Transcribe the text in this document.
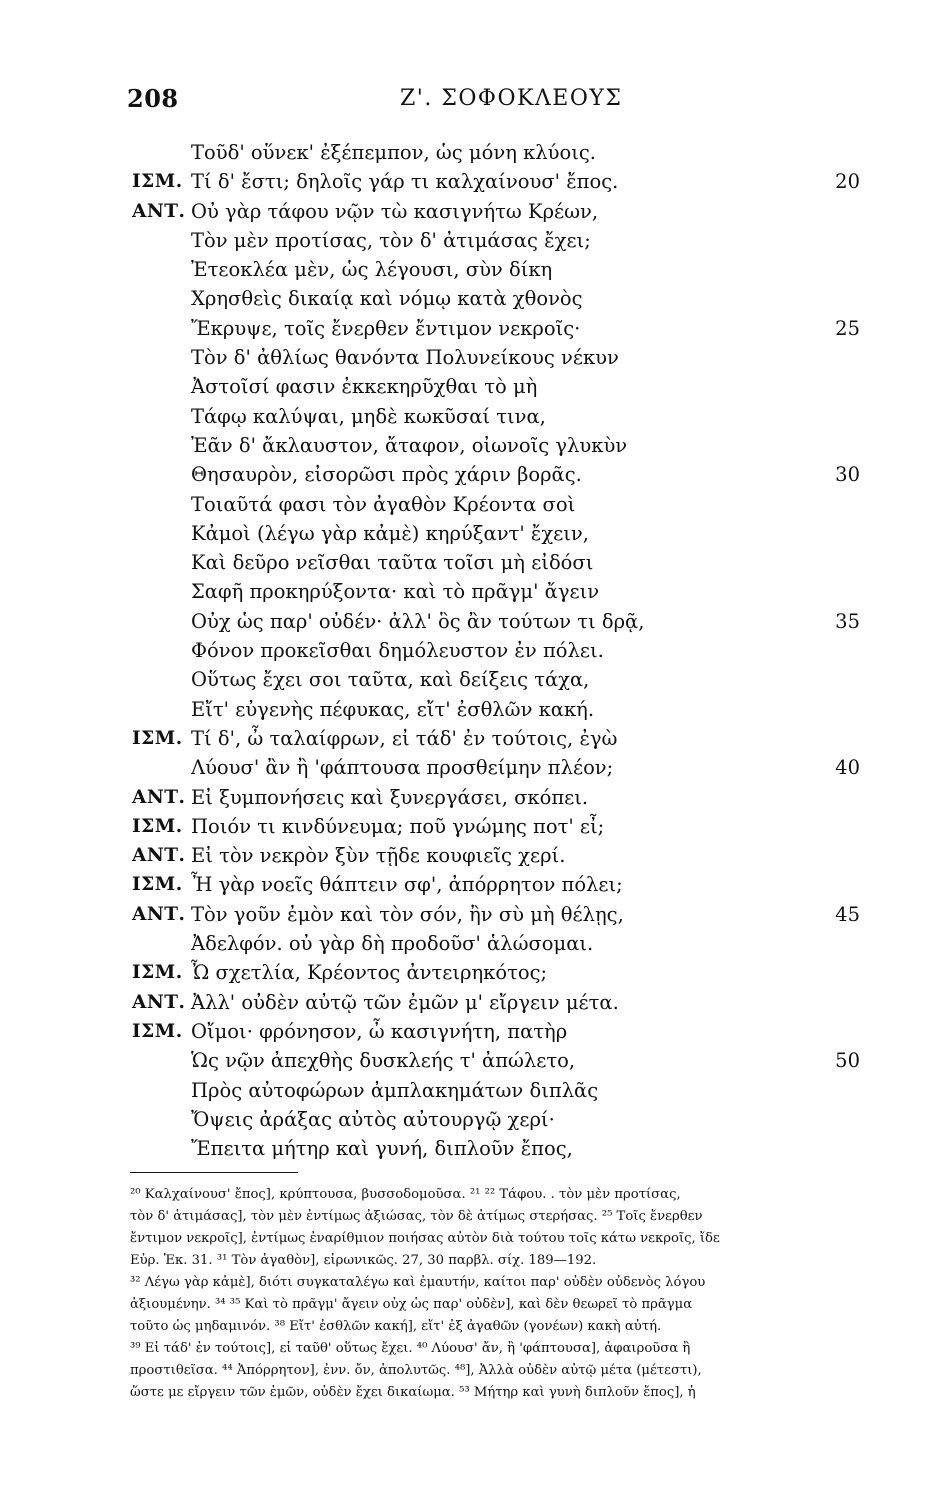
208	Ζ'. ΣΟΦΟΚΛΕΟΥΣ
Τοῦδ' οὕνεκ' ἐξέπεμπον, ὡς μόνη κλύοις.
ΙΣΜ. Τί δ' ἔστι; δηλοῖς γάρ τι καλχαίνουσ' ἔπος.	20
ΑΝΤ. Οὐ γὰρ τάφου νῷν τὼ κασιγνήτω Κρέων,
Τὸν μὲν προτίσας, τὸν δ' ἀτιμάσας ἔχει;
Ἐτεοκλέα μὲν, ὡς λέγουσι, σὺν δίκη
Χρησθεὶς δικαίᾳ καὶ νόμῳ κατὰ χθονὸς
Ἔκρυψε, τοῖς ἔνερθεν ἔντιμον νεκροῖς·	25
Τὸν δ' ἀθλίως θανόντα Πολυνείκους νέκυν
Ἀστοῖσί φασιν ἐκκεκηρῦχθαι τὸ μὴ
Τάφῳ καλύψαι, μηδὲ κωκῦσαί τινα,
Ἐᾶν δ' ἄκλαυστον, ἄταφον, οἰωνοῖς γλυκὺν
Θησαυρὸν, εἰσορῶσι πρὸς χάριν βορᾶς.	30
Τοιαῦτά φασι τὸν ἀγαθὸν Κρέοντα σοὶ
Κἀμοὶ (λέγω γὰρ κἀμὲ) κηρύξαντ' ἔχειν,
Καὶ δεῦρο νεῖσθαι ταῦτα τοῖσι μὴ εἰδόσι
Σαφῆ προκηρύξοντα· καὶ τὸ πρᾶγμ' ἄγειν
Οὐχ ὡς παρ' οὐδέν· ἀλλ' ὃς ἂν τούτων τι δρᾷ,	35
Φόνον προκεῖσθαι δημόλευστον ἐν πόλει.
Οὕτως ἔχει σοι ταῦτα, καὶ δείξεις τάχα,
Εἴτ' εὐγενὴς πέφυκας, εἴτ' ἐσθλῶν κακή.
ΙΣΜ. Τί δ', ὦ ταλαίφρων, εἰ τάδ' ἐν τούτοις, ἐγὼ
Λύουσ' ἂν ἢ 'φάπτουσα προσθείμην πλέον;	40
ΑΝΤ. Εἰ ξυμπονήσεις καὶ ξυνεργάσει, σκόπει.
ΙΣΜ. Ποιόν τι κινδύνευμα; ποῦ γνώμης ποτ' εἶ;
ΑΝΤ. Εἰ τὸν νεκρὸν ξὺν τῇδε κουφιεῖς χερί.
ΙΣΜ. Ἦ γὰρ νοεῖς θάπτειν σφ', ἀπόρρητον πόλει;
ΑΝΤ. Τὸν γοῦν ἐμὸν καὶ τὸν σόν, ἢν σὺ μὴ θέλῃς,	45
Ἀδελφόν. οὐ γὰρ δὴ προδοῦσ' ἁλώσομαι.
ΙΣΜ. Ὦ σχετλία, Κρέοντος ἀντειρηκότος;
ΑΝΤ. Ἀλλ' οὐδὲν αὐτῷ τῶν ἐμῶν μ' εἴργειν μέτα.
ΙΣΜ. Οἴμοι· φρόνησον, ὦ κασιγνήτη, πατὴρ
Ὡς νῷν ἀπεχθὴς δυσκλεής τ' ἀπώλετο,	50
Πρὸς αὐτοφώρων ἀμπλακημάτων διπλᾶς
Ὄψεις ἀράξας αὐτὸς αὐτουργῷ χερί·
Ἔπειτα μήτηρ καὶ γυνή, διπλοῦν ἔπος,
²⁰ Καλχαίνουσ' ἔπος], κρύπτουσα, βυσσοδομοῦσα. ²¹ ²² Τάφου. . τὸν μὲν προτίσας,
τὸν δ' ἀτιμάσας], τὸν μὲν ἐντίμως ἀξιώσας, τὸν δὲ ἀτίμως στερήσας. ²⁵ Τοῖς ἔνερθεν
ἔντιμον νεκροῖς], ἐντίμως ἐναρίθμιον ποιήσας αὐτὸν διὰ τούτου τοῖς κάτω νεκροῖς, ἴδε
Εὐρ. Ἐκ. 31. ³¹ Τὸν ἀγαθὸν], εἰρωνικῶς. 27, 30 παρβλ. σίχ. 189—192.
³² Λέγω γὰρ κἀμὲ], διότι συγκαταλέγω καὶ ἐμαυτήν, καίτοι παρ' οὐδὲν οὐδενὸς λόγου
ἀξιουμένην. ³⁴ ³⁵ Καὶ τὸ πρᾶγμ' ἄγειν οὐχ ὡς παρ' οὐδὲν], καὶ δὲν θεωρεῖ τὸ πρᾶγμα
τοῦτο ὡς μηδαμινόν. ³⁸ Εἴτ' ἐσθλῶν κακή], εἴτ' ἐξ ἀγαθῶν (γονέων) κακὴ αὐτή.
³⁹ Εἰ τάδ' ἐν τούτοις], εἰ ταῦθ' οὕτως ἔχει. ⁴⁰ Λύουσ' ἄν, ἢ 'φάπτουσα], ἀφαιροῦσα ἢ
προστιθεῖσα. ⁴⁴ Ἀπόρρητον], ἐνν. ὄν, ἀπολυτῶς. ⁴⁸], Ἀλλὰ οὐδὲν αὐτῷ μέτα (μέτεστι),
ὥστε με εἴργειν τῶν ἐμῶν, οὐδὲν ἔχει δικαίωμα. ⁵³ Μήτηρ καὶ γυνὴ διπλοῦν ἔπος], ἡ
